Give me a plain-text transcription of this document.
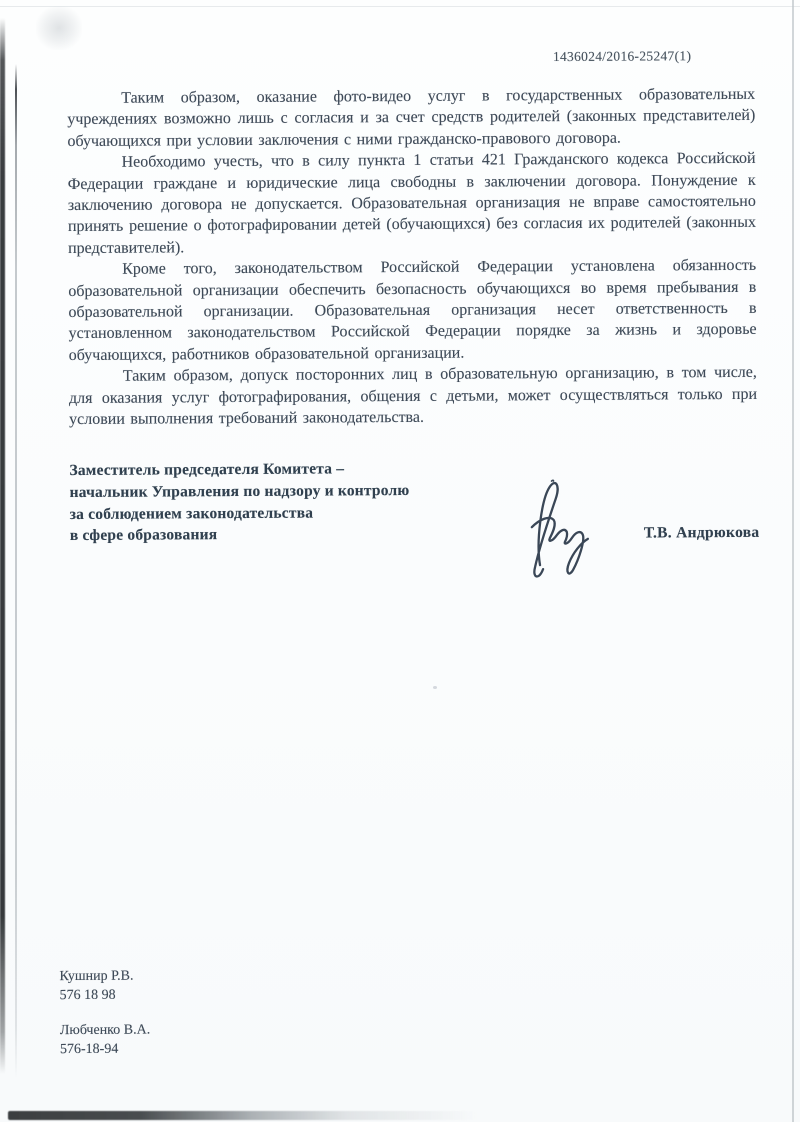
1436024/2016-25247(1)

Таким образом, оказание фото-видео услуг в государственных образовательных учреждениях возможно лишь с согласия и за счет средств родителей (законных представителей) обучающихся при условии заключения с ними гражданско-правового договора.

Необходимо учесть, что в силу пункта 1 статьи 421 Гражданского кодекса Российской Федерации граждане и юридические лица свободны в заключении договора. Понуждение к заключению договора не допускается. Образовательная организация не вправе самостоятельно принять решение о фотографировании детей (обучающихся) без согласия их родителей (законных представителей).

Кроме того, законодательством Российской Федерации установлена обязанность образовательной организации обеспечить безопасность обучающихся во время пребывания в образовательной организации. Образовательная организация несет ответственность в установленном законодательством Российской Федерации порядке за жизнь и здоровье обучающихся, работников образовательной организации.

Таким образом, допуск посторонних лиц в образовательную организацию, в том числе, для оказания услуг фотографирования, общения с детьми, может осуществляться только при условии выполнения требований законодательства.

Заместитель председателя Комитета –
начальник Управления по надзору и контролю
за соблюдением законодательства
в сфере образования	Т.В. Андрюкова
Кушнир Р.В.
576 18 98
Любченко В.А.
576-18-94
